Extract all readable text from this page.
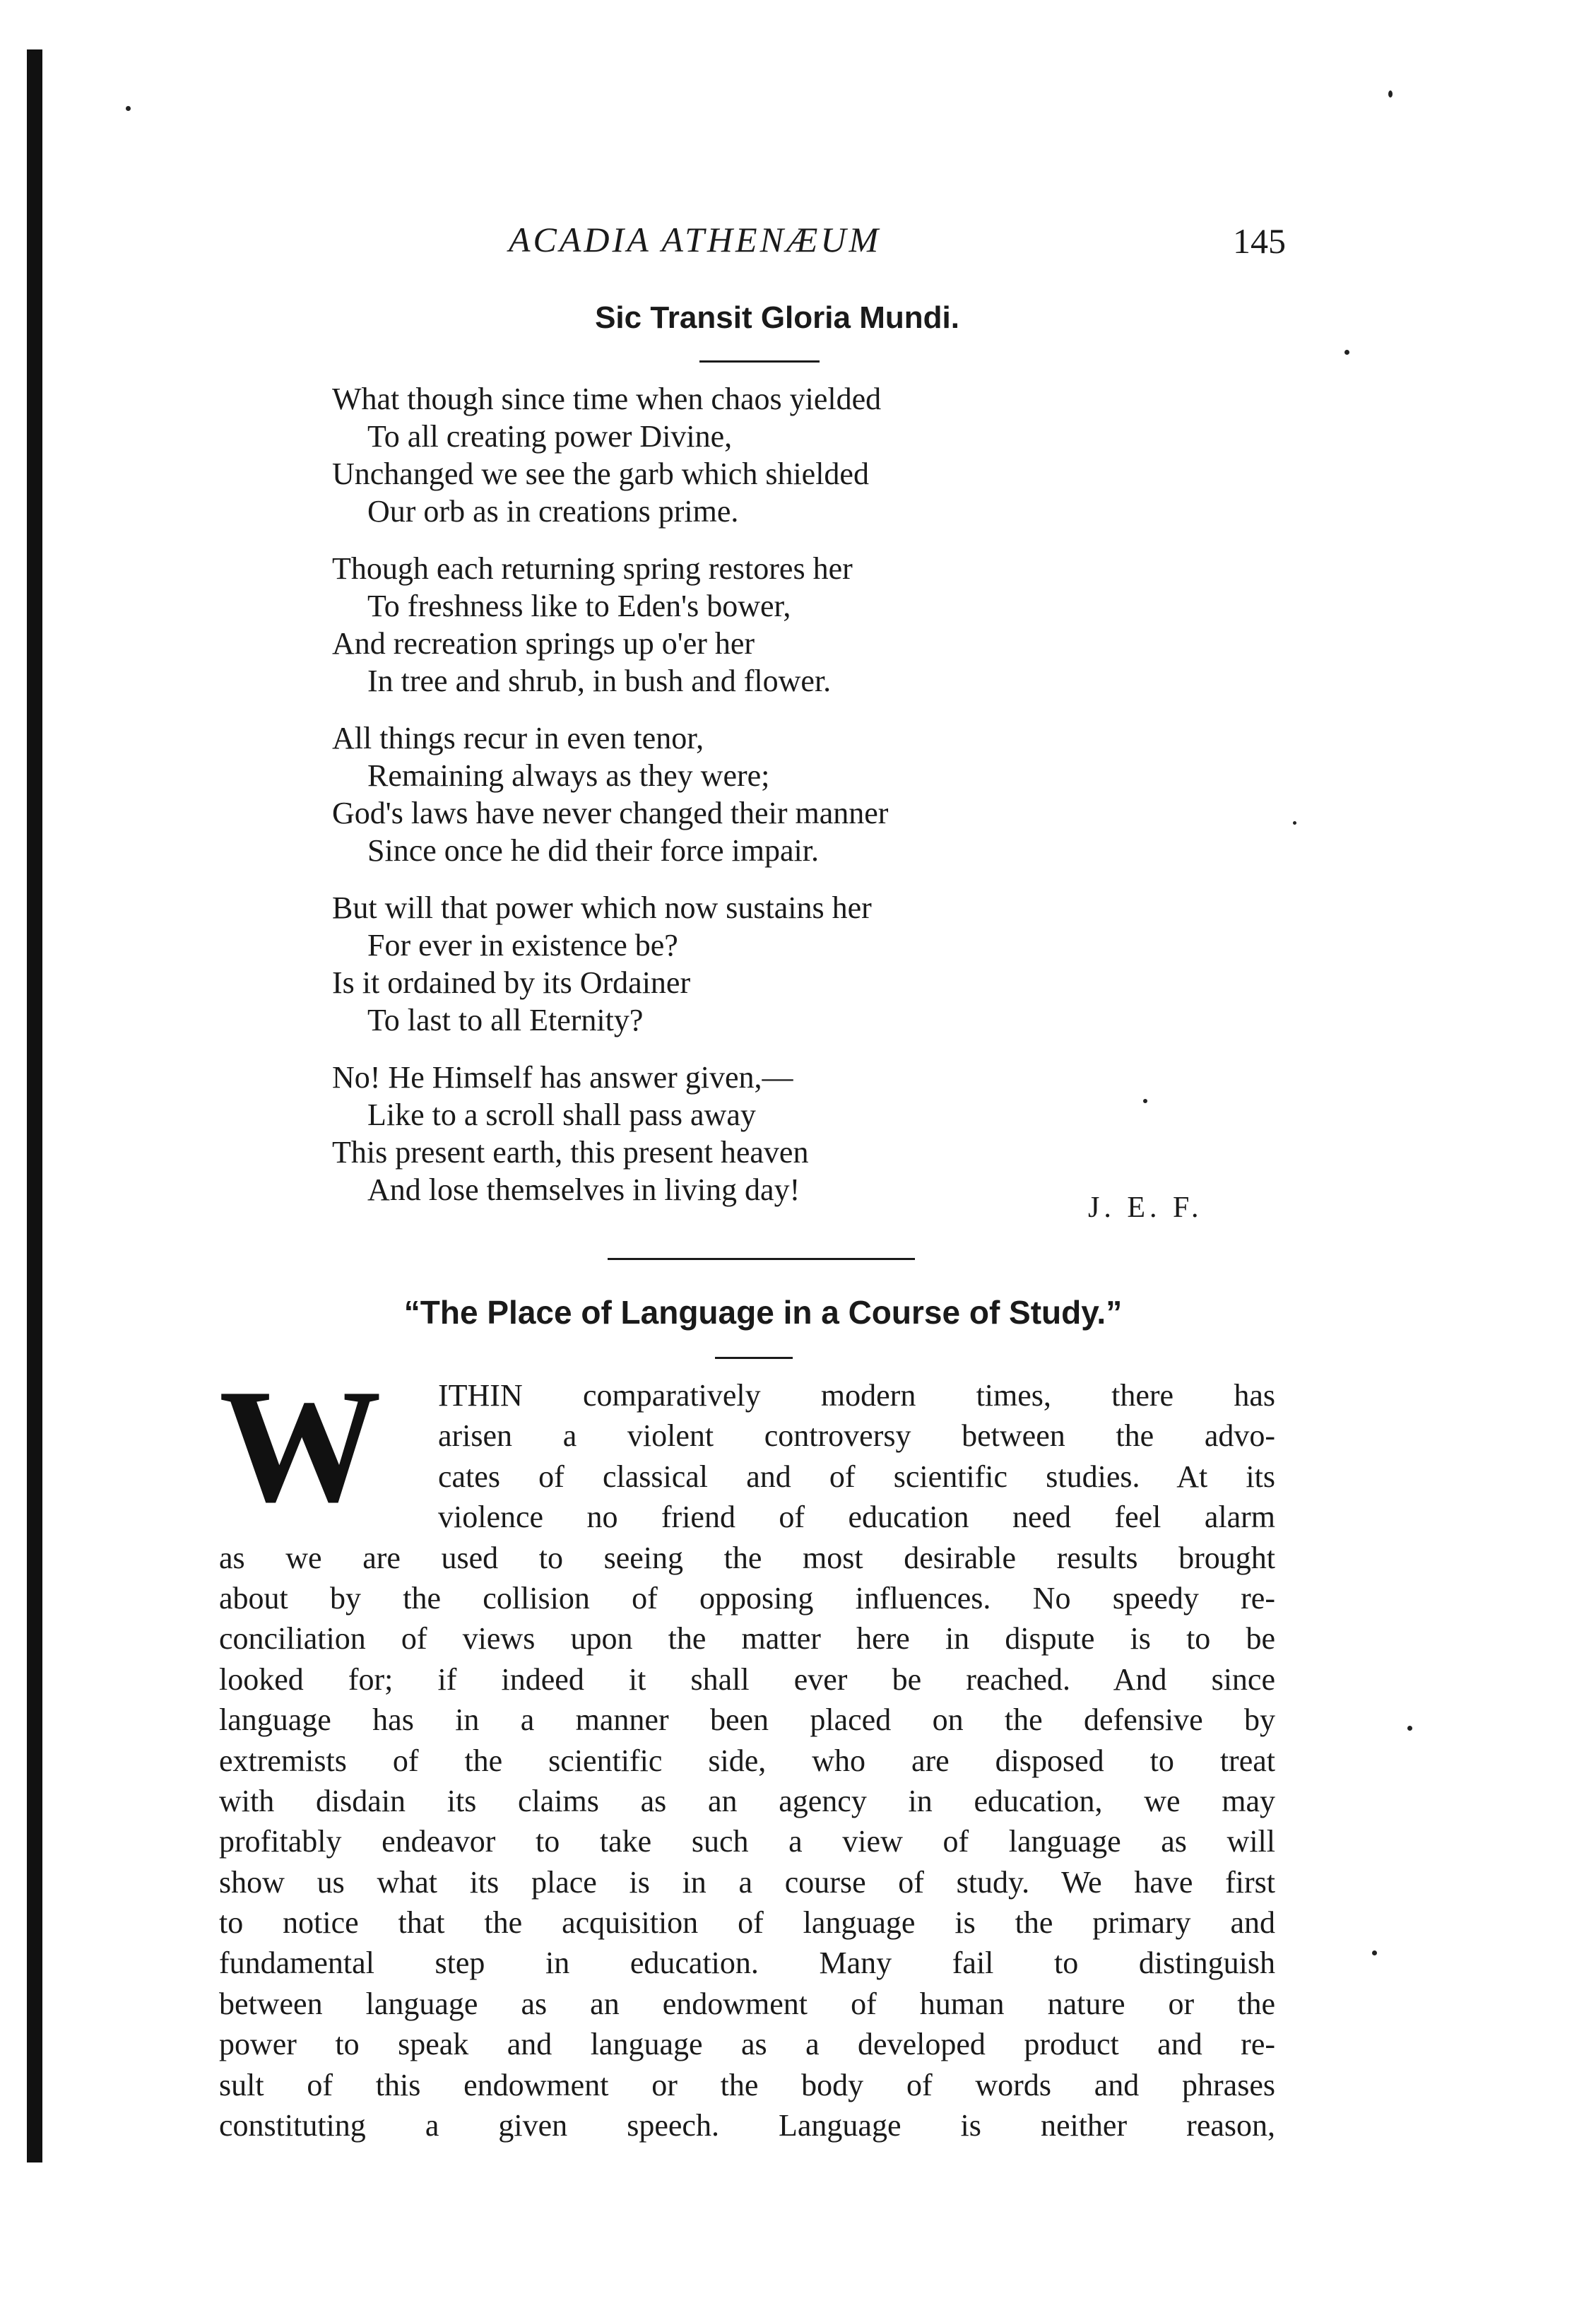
ACADIA ATHENÆUM	145
Sic Transit Gloria Mundi.
What though since time when chaos yielded
To all creating power Divine,
Unchanged we see the garb which shielded
Our orb as in creations prime.
Though each returning spring restores her
To freshness like to Eden's bower,
And recreation springs up o'er her
In tree and shrub, in bush and flower.
All things recur in even tenor,
Remaining always as they were;
God's laws have never changed their manner
Since once he did their force impair.
But will that power which now sustains her
For ever in existence be?
Is it ordained by its Ordainer
To last to all Eternity?
No! He Himself has answer given,—
Like to a scroll shall pass away
This present earth, this present heaven
And lose themselves in living day!
J. E. F.
“The Place of Language in a Course of Study.”
W	ITHIN comparatively modern times, there has
arisen a violent controversy between the advo-
cates of classical and of scientific studies. At its
violence no friend of education need feel alarm
as we are used to seeing the most desirable results brought
about by the collision of opposing influences. No speedy re-
conciliation of views upon the matter here in dispute is to be
looked for; if indeed it shall ever be reached. And since
language has in a manner been placed on the defensive by
extremists of the scientific side, who are disposed to treat
with disdain its claims as an agency in education, we may
profitably endeavor to take such a view of language as will
show us what its place is in a course of study. We have first
to notice that the acquisition of language is the primary and
fundamental step in education. Many fail to distinguish
between language as an endowment of human nature or the
power to speak and language as a developed product and re-
sult of this endowment or the body of words and phrases
constituting a given speech. Language is neither reason,
